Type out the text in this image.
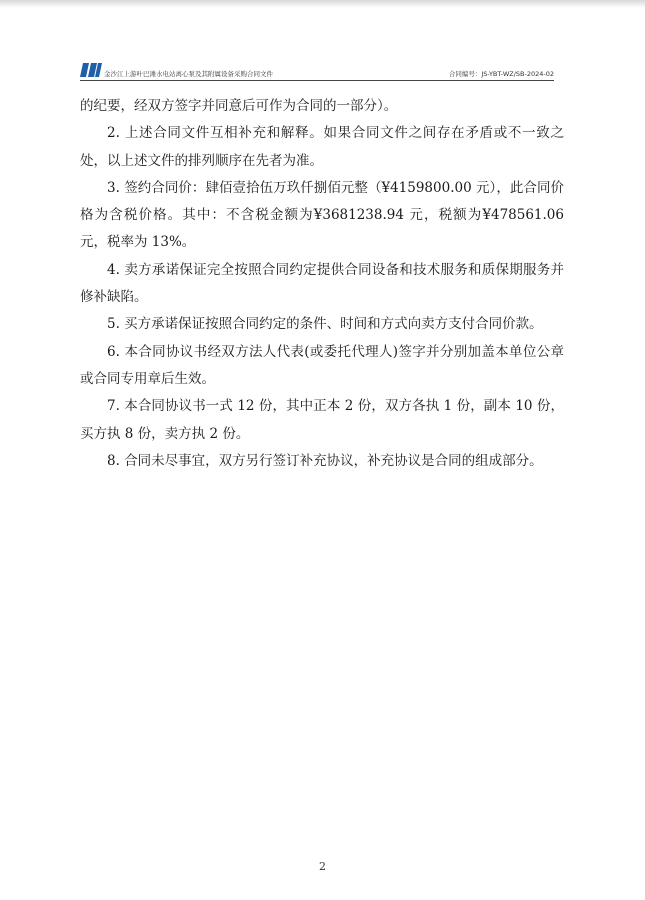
金沙江上游叶巴滩水电站离心泵及其附属设备采购合同文件	合同编号：JS-YBT-WZ/SB-2024-02

的纪要，经双方签字并同意后可作为合同的一部分）。

2. 上述合同文件互相补充和解释。如果合同文件之间存在矛盾或不一致之处，以上述文件的排列顺序在先者为准。

3. 签约合同价：肆佰壹拾伍万玖仟捌佰元整（¥4159800.00 元），此合同价格为含税价格。其中：不含税金额为¥3681238.94 元，税额为¥478561.06 元，税率为 13%。

4. 卖方承诺保证完全按照合同约定提供合同设备和技术服务和质保期服务并修补缺陷。

5. 买方承诺保证按照合同约定的条件、时间和方式向卖方支付合同价款。

6. 本合同协议书经双方法人代表(或委托代理人)签字并分别加盖本单位公章或合同专用章后生效。

7. 本合同协议书一式 12 份，其中正本 2 份，双方各执 1 份，副本 10 份，买方执 8 份，卖方执 2 份。

8. 合同未尽事宜，双方另行签订补充协议，补充协议是合同的组成部分。

2
